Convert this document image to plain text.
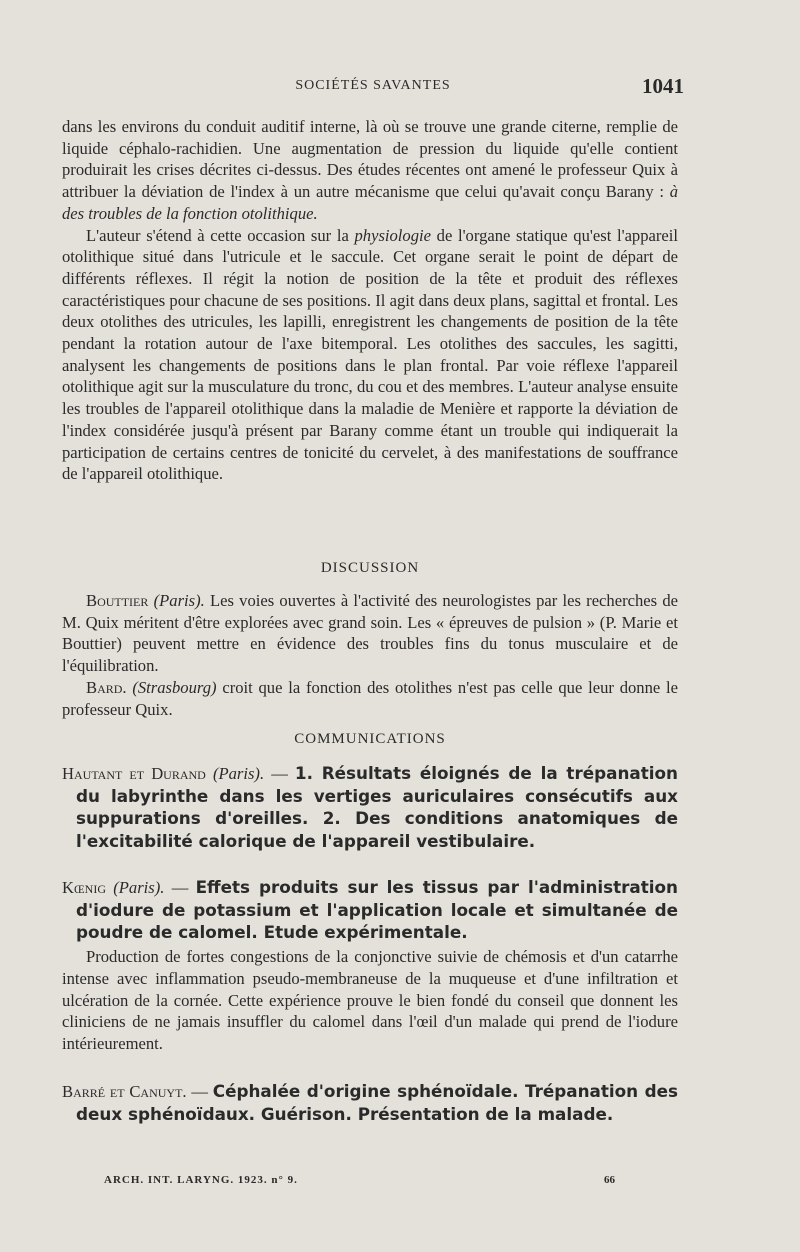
SOCIÉTÉS SAVANTES	1041

dans les environs du conduit auditif interne, là où se trouve une grande citerne, remplie de liquide céphalo-rachidien. Une augmentation de pression du liquide qu'elle contient produirait les crises décrites ci-dessus. Des études récentes ont amené le professeur Quix à attribuer la déviation de l'index à un autre mécanisme que celui qu'avait conçu Barany : à des troubles de la fonction otolithique.

L'auteur s'étend à cette occasion sur la physiologie de l'organe statique qu'est l'appareil otolithique situé dans l'utricule et le saccule. Cet organe serait le point de départ de différents réflexes. Il régit la notion de position de la tête et produit des réflexes caractéristiques pour chacune de ses positions. Il agit dans deux plans, sagittal et frontal. Les deux otolithes des utricules, les lapilli, enregistrent les changements de position de la tête pendant la rotation autour de l'axe bitemporal. Les otolithes des saccules, les sagitti, analysent les changements de positions dans le plan frontal. Par voie réflexe l'appareil otolithique agit sur la musculature du tronc, du cou et des membres. L'auteur analyse ensuite les troubles de l'appareil otolithique dans la maladie de Menière et rapporte la déviation de l'index considérée jusqu'à présent par Barany comme étant un trouble qui indiquerait la participation de certains centres de tonicité du cervelet, à des manifestations de souffrance de l'appareil otolithique.

DISCUSSION

Bouttier (Paris). Les voies ouvertes à l'activité des neurologistes par les recherches de M. Quix méritent d'être explorées avec grand soin. Les « épreuves de pulsion » (P. Marie et Bouttier) peuvent mettre en évidence des troubles fins du tonus musculaire et de l'équilibration.

Bard. (Strasbourg) croit que la fonction des otolithes n'est pas celle que leur donne le professeur Quix.

COMMUNICATIONS

Hautant et Durand (Paris). — 1. Résultats éloignés de la trépanation du labyrinthe dans les vertiges auriculaires consécutifs aux suppurations d'oreilles. 2. Des conditions anatomiques de l'excitabilité calorique de l'appareil vestibulaire.

Kœnig (Paris). — Effets produits sur les tissus par l'administration d'iodure de potassium et l'application locale et simultanée de poudre de calomel. Etude expérimentale.

Production de fortes congestions de la conjonctive suivie de chémosis et d'un catarrhe intense avec inflammation pseudo-membraneuse de la muqueuse et d'une infiltration et ulcération de la cornée. Cette expérience prouve le bien fondé du conseil que donnent les cliniciens de ne jamais insuffler du calomel dans l'œil d'un malade qui prend de l'iodure intérieurement.

Barré et Canuyt. — Céphalée d'origine sphénoïdale. Trépanation des deux sphénoïdaux. Guérison. Présentation de la malade.

ARCH. INT. LARYNG. 1923. n° 9.	66
